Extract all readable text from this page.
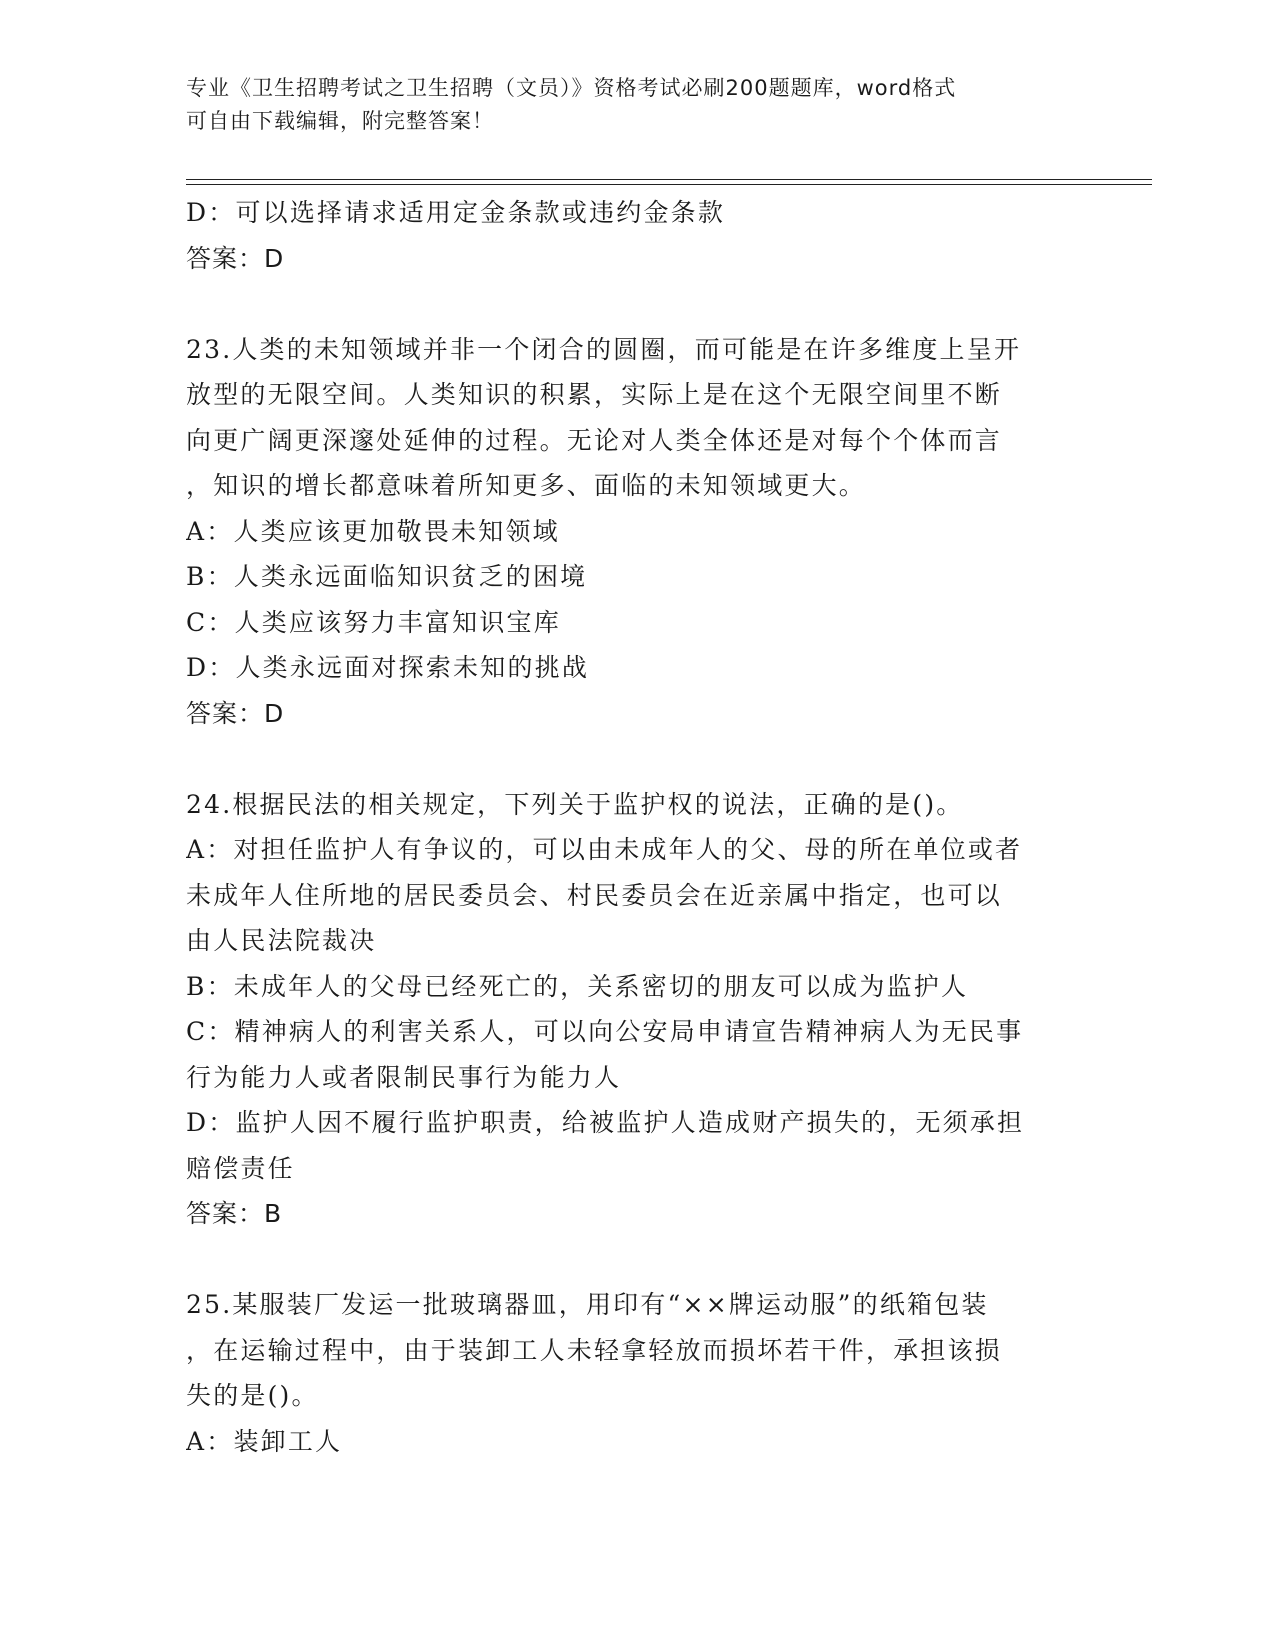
专业《卫生招聘考试之卫生招聘（文员）》资格考试必刷200题题库，word格式
可自由下载编辑，附完整答案！
D：可以选择请求适用定金条款或违约金条款
答案：D
23.人类的未知领域并非一个闭合的圆圈，而可能是在许多维度上呈开
放型的无限空间。人类知识的积累，实际上是在这个无限空间里不断
向更广阔更深邃处延伸的过程。无论对人类全体还是对每个个体而言
，知识的增长都意味着所知更多、面临的未知领域更大。
A：人类应该更加敬畏未知领域
B：人类永远面临知识贫乏的困境
C：人类应该努力丰富知识宝库
D：人类永远面对探索未知的挑战
答案：D
24.根据民法的相关规定，下列关于监护权的说法，正确的是()。
A：对担任监护人有争议的，可以由未成年人的父、母的所在单位或者
未成年人住所地的居民委员会、村民委员会在近亲属中指定，也可以
由人民法院裁决
B：未成年人的父母已经死亡的，关系密切的朋友可以成为监护人
C：精神病人的利害关系人，可以向公安局申请宣告精神病人为无民事
行为能力人或者限制民事行为能力人
D：监护人因不履行监护职责，给被监护人造成财产损失的，无须承担
赔偿责任
答案：B
25.某服装厂发运一批玻璃器皿，用印有“××牌运动服”的纸箱包装
，在运输过程中，由于装卸工人未轻拿轻放而损坏若干件，承担该损
失的是()。
A：装卸工人
